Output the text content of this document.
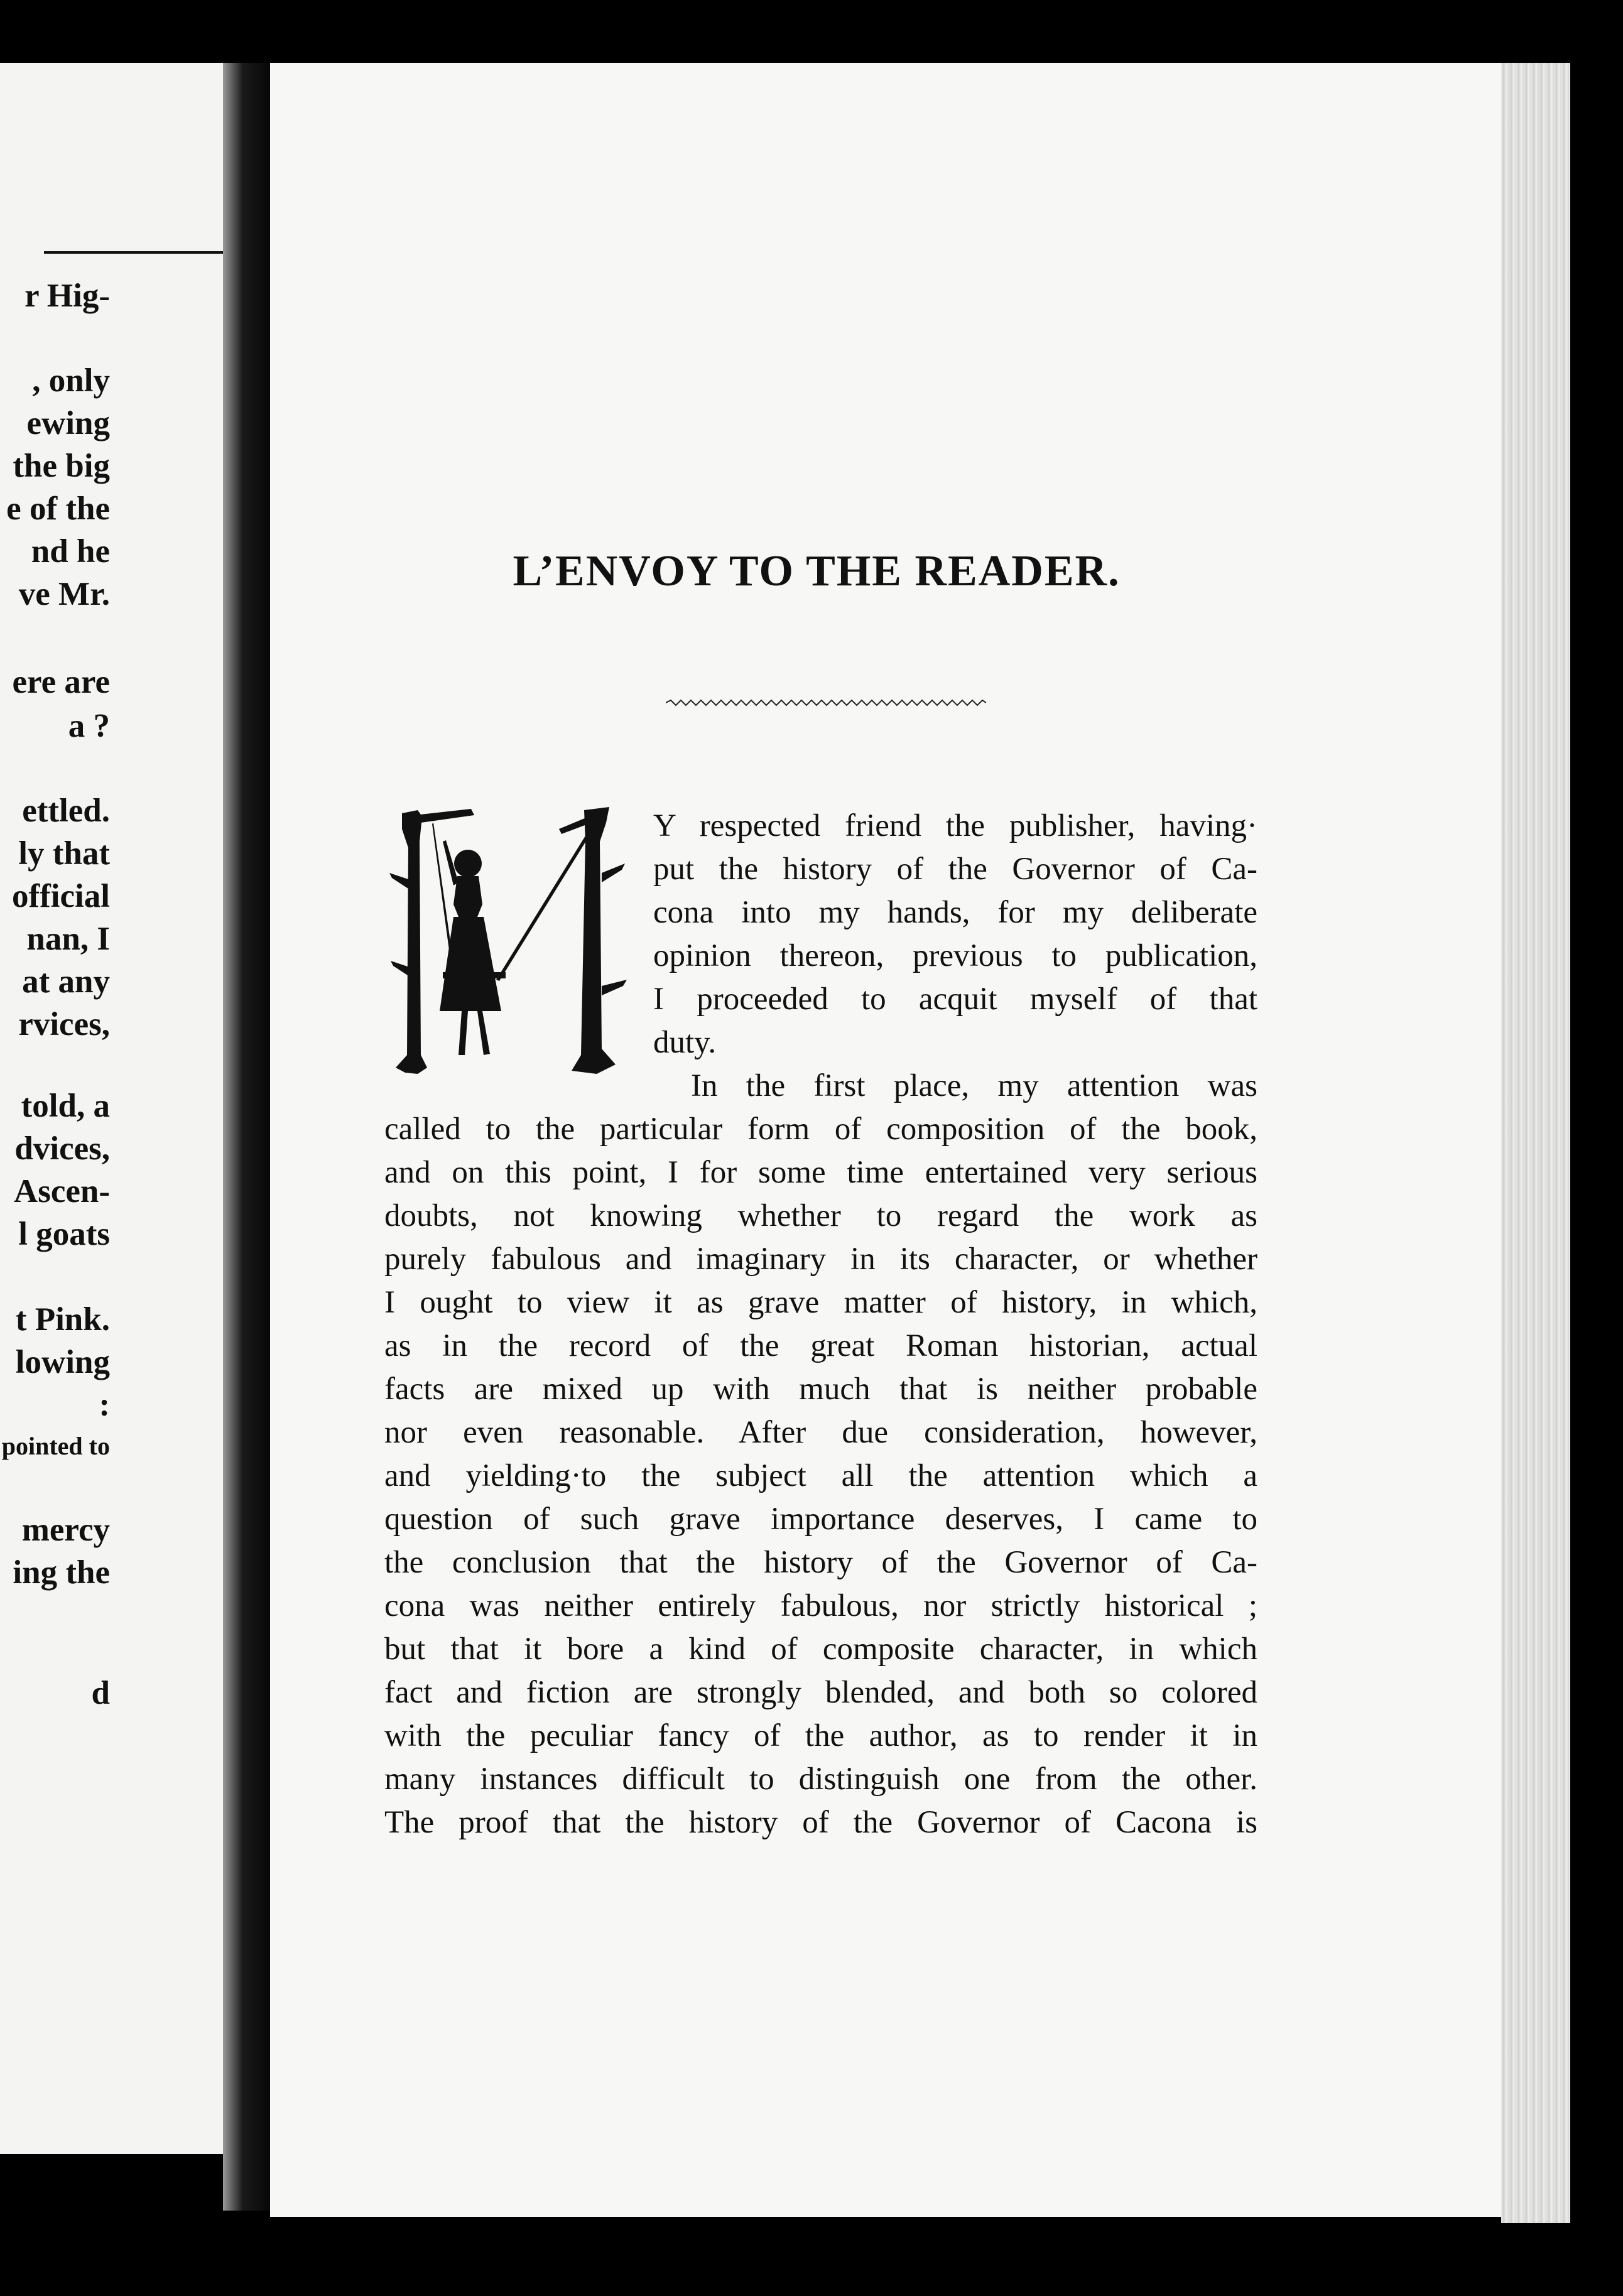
r Hig-
, only
ewing
the big
e of the
nd he
ve Mr.
ere are
a ?
ettled.
ly that
official
nan, I
at any
rvices,
told, a
dvices,
Ascen-
l goats
t Pink.
lowing
:
pointed to
mercy
ing the
d
L’ENVOY TO THE READER.
Y respected friend the publisher, having·
put the history of the Governor of Ca-
cona into my hands, for my deliberate
opinion thereon, previous to publication,
I proceeded to acquit myself of that
duty.
In the first place, my attention was
called to the particular form of composition of the book,
and on this point, I for some time entertained very serious
doubts, not knowing whether to regard the work as
purely fabulous and imaginary in its character, or whether
I ought to view it as grave matter of history, in which,
as in the record of the great Roman historian, actual
facts are mixed up with much that is neither probable
nor even reasonable. After due consideration, however,
and yielding·to the subject all the attention which a
question of such grave importance deserves, I came to
the conclusion that the history of the Governor of Ca-
cona was neither entirely fabulous, nor strictly historical ;
but that it bore a kind of composite character, in which
fact and fiction are strongly blended, and both so colored
with the peculiar fancy of the author, as to render it in
many instances difficult to distinguish one from the other.
The proof that the history of the Governor of Cacona is
